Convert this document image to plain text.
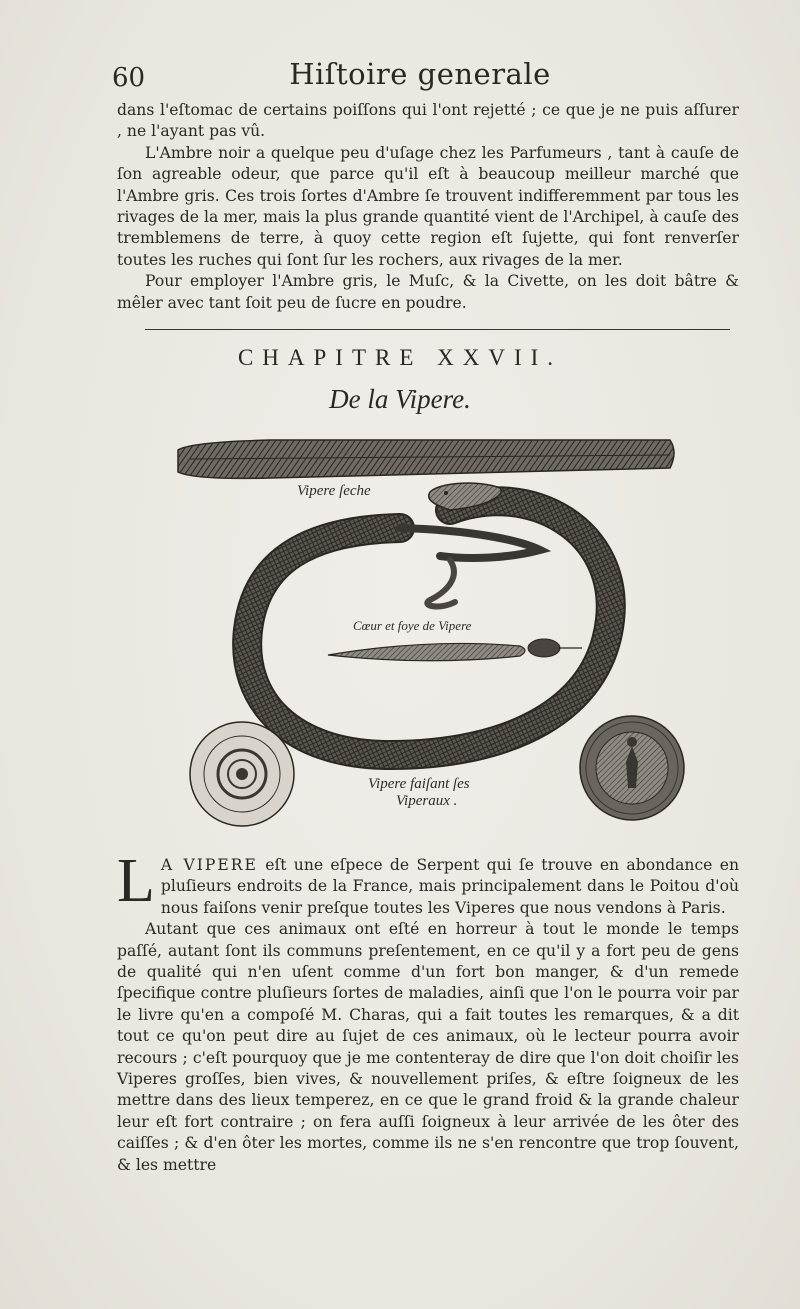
60	Hiſtoire generale

dans l'eſtomac de certains poiſſons qui l'ont rejetté ; ce que je ne puis aſſurer , ne l'ayant pas vû.

L'Ambre noir a quelque peu d'uſage chez les Parfumeurs , tant à cauſe de ſon agreable odeur, que parce qu'il eſt à beaucoup meilleur marché que l'Ambre gris. Ces trois ſortes d'Ambre ſe trouvent indifferemment par tous les rivages de la mer, mais la plus grande quantité vient de l'Archipel, à cauſe des tremblemens de terre, à quoy cette region eſt ſujette, qui font renverſer toutes les ruches qui ſont ſur les rochers, aux rivages de la mer.

Pour employer l'Ambre gris, le Muſc, & la Civette, on les doit bâtre & mêler avec tant ſoit peu de ſucre en poudre.

CHAPITRE XXVII.
De la Vipere.
Vipere ſeche
Cœur et foye de Vipere
Vipere faiſant ſes
Viperaux .

L A VIPERE eſt une eſpece de Serpent qui ſe trouve en abondance en pluſieurs endroits de la France, mais principalement dans le Poitou d'où nous faiſons venir preſque toutes les Viperes que nous vendons à Paris.

Autant que ces animaux ont eſté en horreur à tout le monde le temps paſſé, autant ſont ils communs preſentement, en ce qu'il y a fort peu de gens de qualité qui n'en uſent comme d'un fort bon manger, & d'un remede ſpecifique contre pluſieurs ſortes de maladies, ainſi que l'on le pourra voir par le livre qu'en a compoſé M. Charas, qui a fait toutes les remarques, & a dit tout ce qu'on peut dire au ſujet de ces animaux, où le lecteur pourra avoir recours ; c'eſt pourquoy que je me contenteray de dire que l'on doit choiſir les Viperes groſſes, bien vives, & nouvellement priſes, & eſtre ſoigneux de les mettre dans des lieux temperez, en ce que le grand froid & la grande chaleur leur eſt fort contraire ; on fera auſſi ſoigneux à leur arrivée de les ôter des caiſſes ; & d'en ôter les mortes, comme ils ne s'en rencontre que trop ſouvent, & les mettre
